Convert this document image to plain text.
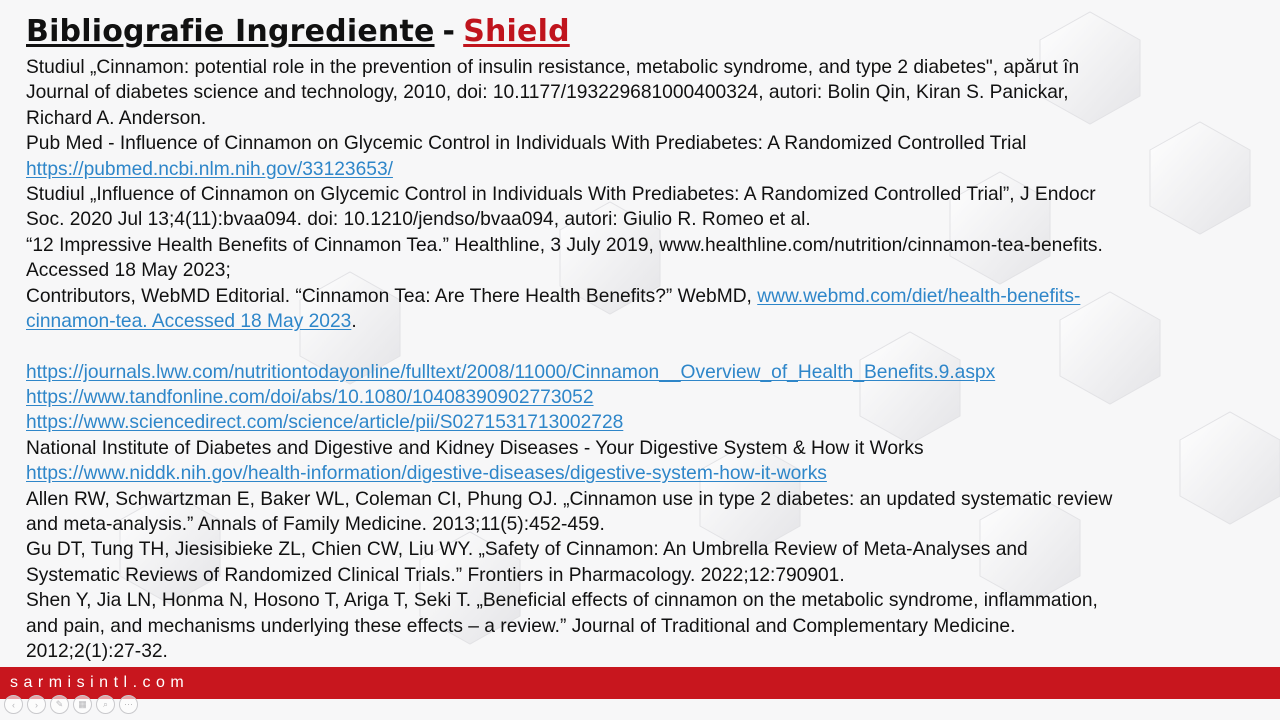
Bibliografie Ingrediente - Shield
Studiul „Cinnamon: potential role in the prevention of insulin resistance, metabolic syndrome, and type 2 diabetes", apărut în
Journal of diabetes science and technology, 2010, doi: 10.1177/193229681000400324, autori: Bolin Qin, Kiran S. Panickar,
Richard A. Anderson.
Pub Med - Influence of Cinnamon on Glycemic Control in Individuals With Prediabetes: A Randomized Controlled Trial
https://pubmed.ncbi.nlm.nih.gov/33123653/
Studiul „Influence of Cinnamon on Glycemic Control in Individuals With Prediabetes: A Randomized Controlled Trial”, J Endocr
Soc. 2020 Jul 13;4(11):bvaa094. doi: 10.1210/jendso/bvaa094, autori: Giulio R. Romeo et al.
“12 Impressive Health Benefits of Cinnamon Tea.” Healthline, 3 July 2019, www.healthline.com/nutrition/cinnamon-tea-benefits.
Accessed 18 May 2023;
Contributors, WebMD Editorial. “Cinnamon Tea: Are There Health Benefits?” WebMD, www.webmd.com/diet/health-benefits-
cinnamon-tea. Accessed 18 May 2023.
https://journals.lww.com/nutritiontodayonline/fulltext/2008/11000/Cinnamon__Overview_of_Health_Benefits.9.aspx
https://www.tandfonline.com/doi/abs/10.1080/10408390902773052
https://www.sciencedirect.com/science/article/pii/S0271531713002728
National Institute of Diabetes and Digestive and Kidney Diseases - Your Digestive System & How it Works
https://www.niddk.nih.gov/health-information/digestive-diseases/digestive-system-how-it-works
Allen RW, Schwartzman E, Baker WL, Coleman CI, Phung OJ. „Cinnamon use in type 2 diabetes: an updated systematic review
and meta-analysis.” Annals of Family Medicine. 2013;11(5):452-459.
Gu DT, Tung TH, Jiesisibieke ZL, Chien CW, Liu WY. „Safety of Cinnamon: An Umbrella Review of Meta-Analyses and
Systematic Reviews of Randomized Clinical Trials.” Frontiers in Pharmacology. 2022;12:790901.
Shen Y, Jia LN, Honma N, Hosono T, Ariga T, Seki T. „Beneficial effects of cinnamon on the metabolic syndrome, inflammation,
and pain, and mechanisms underlying these effects – a review.” Journal of Traditional and Complementary Medicine.
2012;2(1):27-32.
sarmisintl.com
‹	›	✎	▦	⌕	⋯
